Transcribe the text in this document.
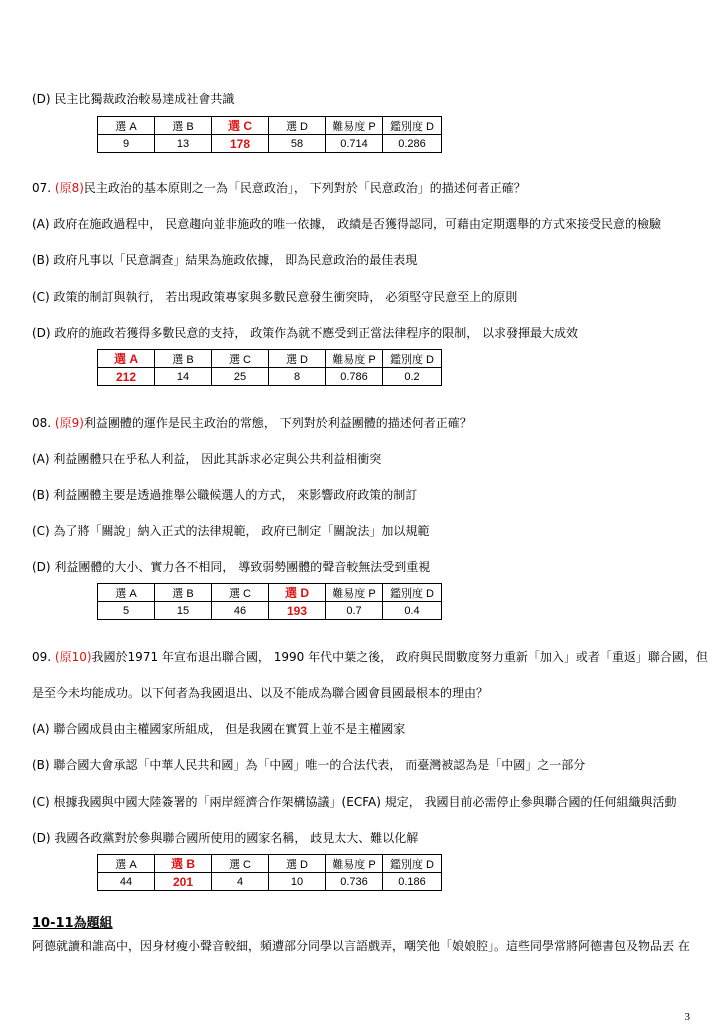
(D) 民主比獨裁政治較易達成社會共識
選 A	選 B	選 C	選 D	難易度 P	鑑別度 D
9	13	178	58	0.714	0.286
07. (原8)民主政治的基本原則之一為「民意政治」， 下列對於「民意政治」的描述何者正確？
(A) 政府在施政過程中， 民意趨向並非施政的唯一依據， 政績是否獲得認同，可藉由定期選舉的方式來接受民意的檢驗
(B) 政府凡事以「民意調查」結果為施政依據， 即為民意政治的最佳表現
(C) 政策的制訂與執行， 若出現政策專家與多數民意發生衝突時， 必須堅守民意至上的原則
(D) 政府的施政若獲得多數民意的支持， 政策作為就不應受到正當法律程序的限制， 以求發揮最大成效
選 A	選 B	選 C	選 D	難易度 P	鑑別度 D
212	14	25	8	0.786	0.2
08. (原9)利益團體的運作是民主政治的常態， 下列對於利益團體的描述何者正確？
(A) 利益團體只在乎私人利益， 因此其訴求必定與公共利益相衝突
(B) 利益團體主要是透過推舉公職候選人的方式， 來影響政府政策的制訂
(C) 為了將「關說」納入正式的法律規範， 政府已制定「關說法」加以規範
(D) 利益團體的大小、實力各不相同， 導致弱勢團體的聲音較無法受到重視
選 A	選 B	選 C	選 D	難易度 P	鑑別度 D
5	15	46	193	0.7	0.4
09. (原10)我國於1971 年宣布退出聯合國， 1990 年代中葉之後， 政府與民間數度努力重新「加入」或者「重返」聯合國，但
是至今未均能成功。以下何者為我國退出、以及不能成為聯合國會員國最根本的理由？
(A) 聯合國成員由主權國家所組成， 但是我國在實質上並不是主權國家
(B) 聯合國大會承認「中華人民共和國」為「中國」唯一的合法代表， 而臺灣被認為是「中國」之一部分
(C) 根據我國與中國大陸簽署的「兩岸經濟合作架構協議」(ECFA) 規定， 我國目前必需停止參與聯合國的任何組織與活動
(D) 我國各政黨對於參與聯合國所使用的國家名稱， 歧見太大、難以化解
選 A	選 B	選 C	選 D	難易度 P	鑑別度 D
44	201	4	10	0.736	0.186
10-11為題組
阿德就讀和誰高中，因身材瘦小聲音較細，頻遭部分同學以言語戲弄，嘲笑他「娘娘腔」。這些同學常將阿德書包及物品丟 在
3
